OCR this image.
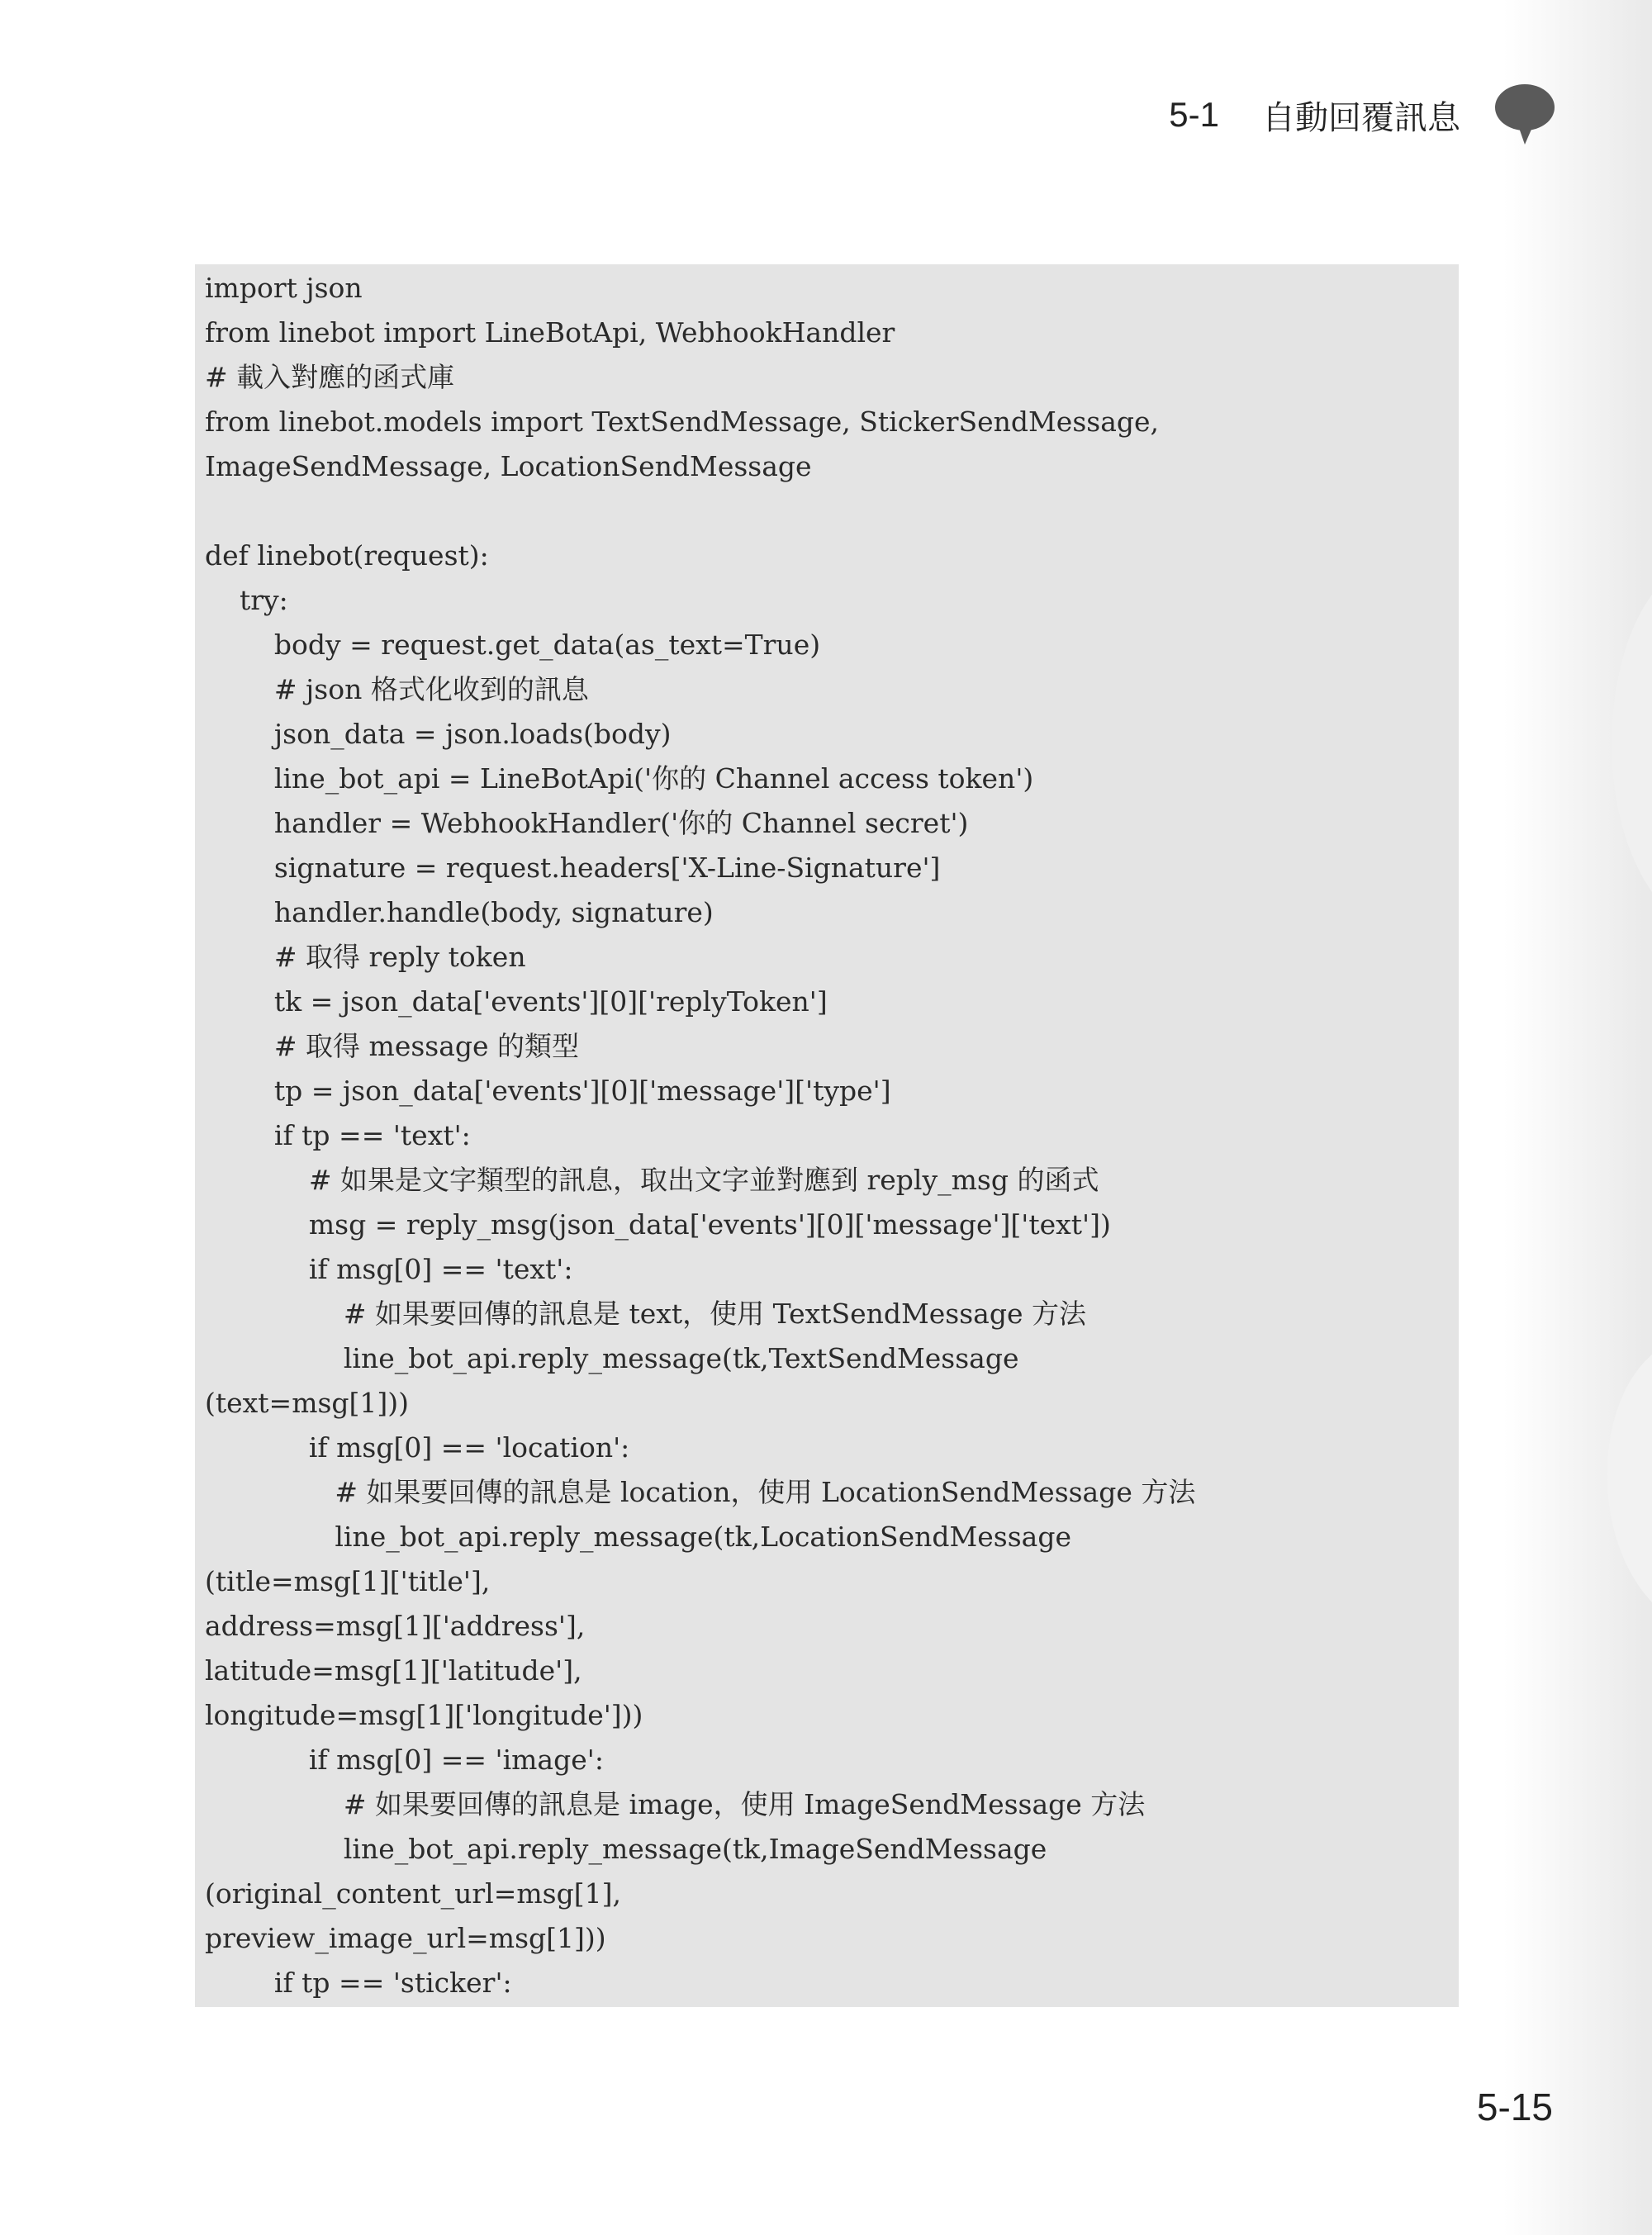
5-1 自動回覆訊息
import json
from linebot import LineBotApi, WebhookHandler
# 載入對應的函式庫
from linebot.models import TextSendMessage, StickerSendMessage,
ImageSendMessage, LocationSendMessage
def linebot(request):
try:
body = request.get_data(as_text=True)
# json 格式化收到的訊息
json_data = json.loads(body)
line_bot_api = LineBotApi('你的 Channel access token')
handler = WebhookHandler('你的 Channel secret')
signature = request.headers['X-Line-Signature']
handler.handle(body, signature)
# 取得 reply token
tk = json_data['events'][0]['replyToken']
# 取得 message 的類型
tp = json_data['events'][0]['message']['type']
if tp == 'text':
# 如果是文字類型的訊息，取出文字並對應到 reply_msg 的函式
msg = reply_msg(json_data['events'][0]['message']['text'])
if msg[0] == 'text':
# 如果要回傳的訊息是 text，使用 TextSendMessage 方法
line_bot_api.reply_message(tk,TextSendMessage
(text=msg[1]))
if msg[0] == 'location':
# 如果要回傳的訊息是 location，使用 LocationSendMessage 方法
line_bot_api.reply_message(tk,LocationSendMessage
(title=msg[1]['title'],
address=msg[1]['address'],
latitude=msg[1]['latitude'],
longitude=msg[1]['longitude']))
if msg[0] == 'image':
# 如果要回傳的訊息是 image，使用 ImageSendMessage 方法
line_bot_api.reply_message(tk,ImageSendMessage
(original_content_url=msg[1],
preview_image_url=msg[1]))
if tp == 'sticker':
5-15
